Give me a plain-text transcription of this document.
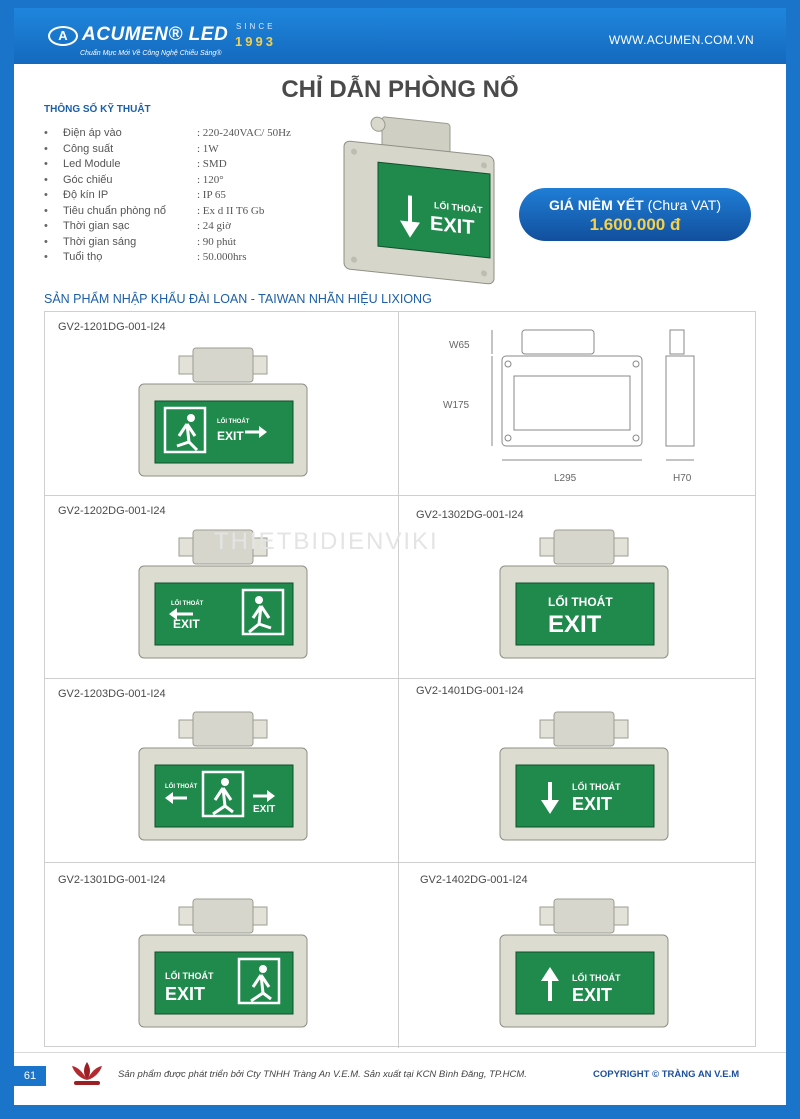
A ACUMEN® LED
Chuẩn Mực Mới Về Công Nghệ Chiếu Sáng®
SINCE
1993	WWW.ACUMEN.COM.VN
CHỈ DẪN PHÒNG NỔ
THÔNG SỐ KỸ THUẬT
• Điện áp vào	: 220-240VAC/ 50Hz
• Công suất	: 1W
• Led Module	: SMD
• Góc chiếu	: 120°
• Độ kín IP	: IP 65
• Tiêu chuẩn phòng nổ	: Ex d II T6 Gb
• Thời gian sạc	: 24 giờ
• Thời gian sáng	: 90 phút
• Tuổi thọ	: 50.000hrs
LỐI THOÁT
EXIT
GIÁ NIÊM YẾT (Chưa VAT)
1.600.000 đ
SẢN PHẨM NHẬP KHẨU ĐÀI LOAN - TAIWAN NHÃN HIỆU LIXIONG
GV2-1201DG-001-I24
LỐI THOÁT
EXIT
W65
W175
L295	H70
GV2-1202DG-001-I24
LỐI THOÁT
EXIT
GV2-1302DG-001-I24
LỐI THOÁT
EXIT
GV2-1203DG-001-I24
LỐI THOÁT
EXIT
GV2-1401DG-001-I24
LỐI THOÁT
EXIT
GV2-1301DG-001-I24
LỐI THOÁT
EXIT
GV2-1402DG-001-I24
LỐI THOÁT
EXIT
THIETBIDIENVIKI
61	Sản phẩm được phát triển bởi Cty TNHH Tràng An V.E.M. Sản xuất tại KCN Bình Đăng, TP.HCM.	COPYRIGHT © TRÀNG AN V.E.M
